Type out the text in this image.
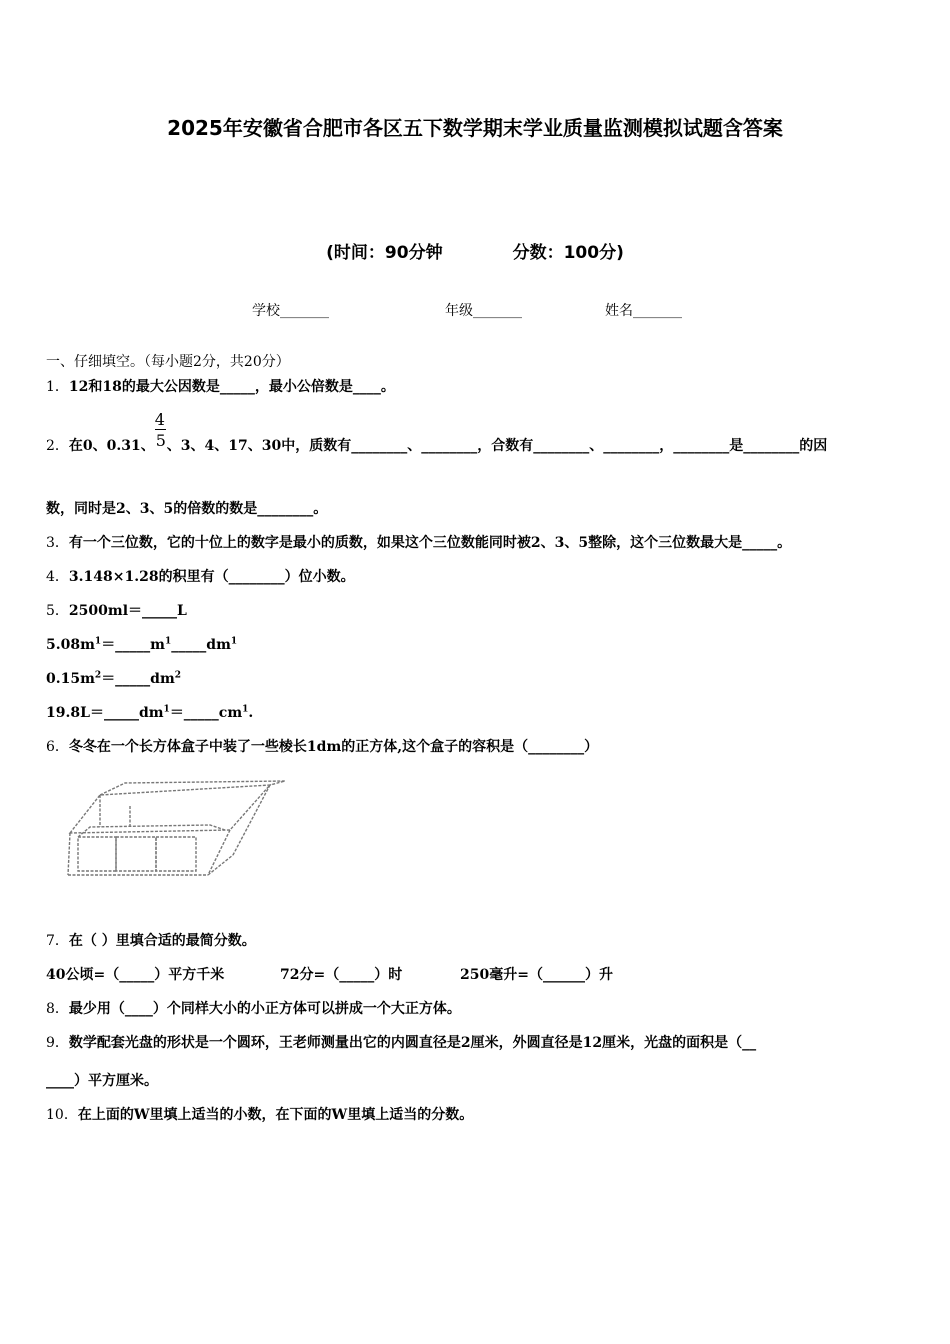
2025年安徽省合肥市各区五下数学期末学业质量监测模拟试题含答案
(时间：90分钟	分数：100分)
学校_______	年级_______	姓名_______
一、仔细填空。（每小题2分，共20分）
1．12和18的最大公因数是_____，最小公倍数是____。
2．在0、0.31、 $\frac{4}{5}$ 、3、4、17、30中，质数有________、________，合数有________、________，________是________的因
数，同时是2、3、5的倍数的数是________。
3．有一个三位数，它的十位上的数字是最小的质数，如果这个三位数能同时被2、3、5整除，这个三位数最大是_____。
4．3.148×1.28的积里有（________）位小数。
5．2500ml＝_____L
$5.08m^1=\_\_\_\_\_m^1\_\_\_\_\_dm^1$
$0.15m^2=\_\_\_\_\_dm^2$
$19.8L=\_\_\_\_\_dm^1=\_\_\_\_\_cm^1$.
6．冬冬在一个长方体盒子中装了一些棱长1dm的正方体,这个盒子的容积是（________）
7．在（ ）里填合适的最简分数。
40公顷=（_____）平方千米	72分=（_____）时	250毫升=（______）升
8．最少用（____）个同样大小的小正方体可以拼成一个大正方体。
9．数学配套光盘的形状是一个圆环，王老师测量出它的内圆直径是2厘米，外圆直径是12厘米，光盘的面积是（__
____）平方厘米。
10．在上面的W里填上适当的小数，在下面的W里填上适当的分数。
